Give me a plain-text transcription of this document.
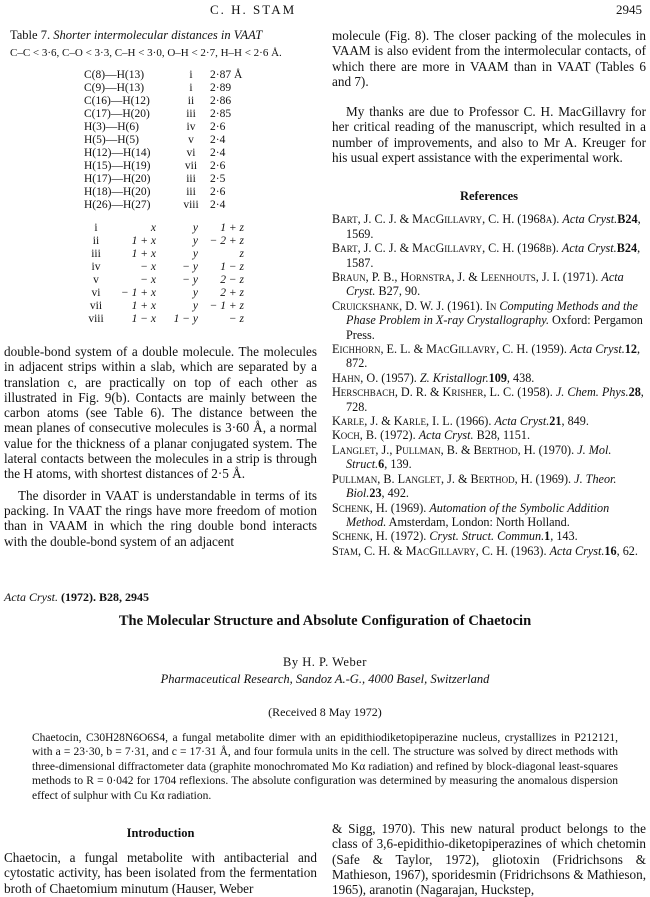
C. H. STAM	2945
Table 7. Shorter intermolecular distances in VAAT
C–C < 3·6, C–O < 3·3, C–H < 3·0, O–H < 2·7, H–H < 2·6 Å.
C(8)—H(13)	i	2·87 Å
C(9)—H(13)	i	2·89
C(16)—H(12)	ii	2·86
C(17)—H(20)	iii	2·85
H(3)—H(6)	iv	2·6
H(5)—H(5)	v	2·4
H(12)—H(14)	vi	2·4
H(15)—H(19)	vii	2·6
H(17)—H(20)	iii	2·5
H(18)—H(20)	iii	2·6
H(26)—H(27)	viii	2·4
i	x	y	1 + z
ii	1 + x	y	− 2 + z
iii	1 + x	y	z
iv	− x	− y	1 − z
v	− x	− y	2 − z
vi	− 1 + x	y	2 + z
vii	1 + x	y	− 1 + z
viii	1 − x	1 − y	− z

double-bond system of a double molecule. The molecules in adjacent strips within a slab, which are separated by a translation c, are practically on top of each other as illustrated in Fig. 9(b). Contacts are mainly between the carbon atoms (see Table 6). The distance between the mean planes of consecutive molecules is 3·60 Å, a normal value for the thickness of a planar conjugated system. The lateral contacts between the molecules in a strip is through the H atoms, with shortest distances of 2·5 Å.

The disorder in VAAT is understandable in terms of its packing. In VAAT the rings have more freedom of motion than in VAAM in which the ring double bond interacts with the double-bond system of an adjacent

molecule (Fig. 8). The closer packing of the molecules in VAAM is also evident from the intermolecular contacts, of which there are more in VAAM than in VAAT (Tables 6 and 7).

My thanks are due to Professor C. H. MacGillavry for her critical reading of the manuscript, which resulted in a number of improvements, and also to Mr A. Kreuger for his usual expert assistance with the experimental work.

References

Bart, J. C. J. & MacGillavry, C. H. (1968a). Acta Cryst.B24, 1569.

Bart, J. C. J. & MacGillavry, C. H. (1968b). Acta Cryst.B24, 1587.

Braun, P. B., Hornstra, J. & Leenhouts, J. I. (1971). Acta Cryst. B27, 90.

Cruickshank, D. W. J. (1961). In Computing Methods and the Phase Problem in X-ray Crystallography. Oxford: Pergamon Press.

Eichhorn, E. L. & MacGillavry, C. H. (1959). Acta Cryst.12, 872.

Hahn, O. (1957). Z. Kristallogr.109, 438.

Herschbach, D. R. & Krisher, L. C. (1958). J. Chem. Phys.28, 728.

Karle, J. & Karle, I. L. (1966). Acta Cryst.21, 849.

Koch, B. (1972). Acta Cryst. B28, 1151.

Langlet, J., Pullman, B. & Berthod, H. (1970). J. Mol. Struct.6, 139.

Pullman, B. Langlet, J. & Berthod, H. (1969). J. Theor. Biol.23, 492.

Schenk, H. (1969). Automation of the Symbolic Addition Method. Amsterdam, London: North Holland.

Schenk, H. (1972). Cryst. Struct. Commun.1, 143.

Stam, C. H. & MacGillavry, C. H. (1963). Acta Cryst.16, 62.

Acta Cryst. (1972). B28, 2945
The Molecular Structure and Absolute Configuration of Chaetocin
By H. P. Weber
Pharmaceutical Research, Sandoz A.-G., 4000 Basel, Switzerland
(Received 8 May 1972)

Chaetocin, C30H28N6O6S4, a fungal metabolite dimer with an epidithiodiketopiperazine nucleus, crystallizes in P212121, with a = 23·30, b = 7·31, and c = 17·31 Å, and four formula units in the cell. The structure was solved by direct methods with three-dimensional diffractometer data (graphite monochromated Mo Kα radiation) and refined by block-diagonal least-squares methods to R = 0·042 for 1704 reflexions. The absolute configuration was determined by measuring the anomalous dispersion effect of sulphur with Cu Kα radiation.

Introduction

Chaetocin, a fungal metabolite with antibacterial and cytostatic activity, has been isolated from the fermentation broth of Chaetomium minutum (Hauser, Weber

& Sigg, 1970). This new natural product belongs to the class of 3,6-epidithio-diketopiperazines of which chetomin (Safe & Taylor, 1972), gliotoxin (Fridrichsons & Mathieson, 1967), sporidesmin (Fridrichsons & Mathieson, 1965), aranotin (Nagarajan, Huckstep,
